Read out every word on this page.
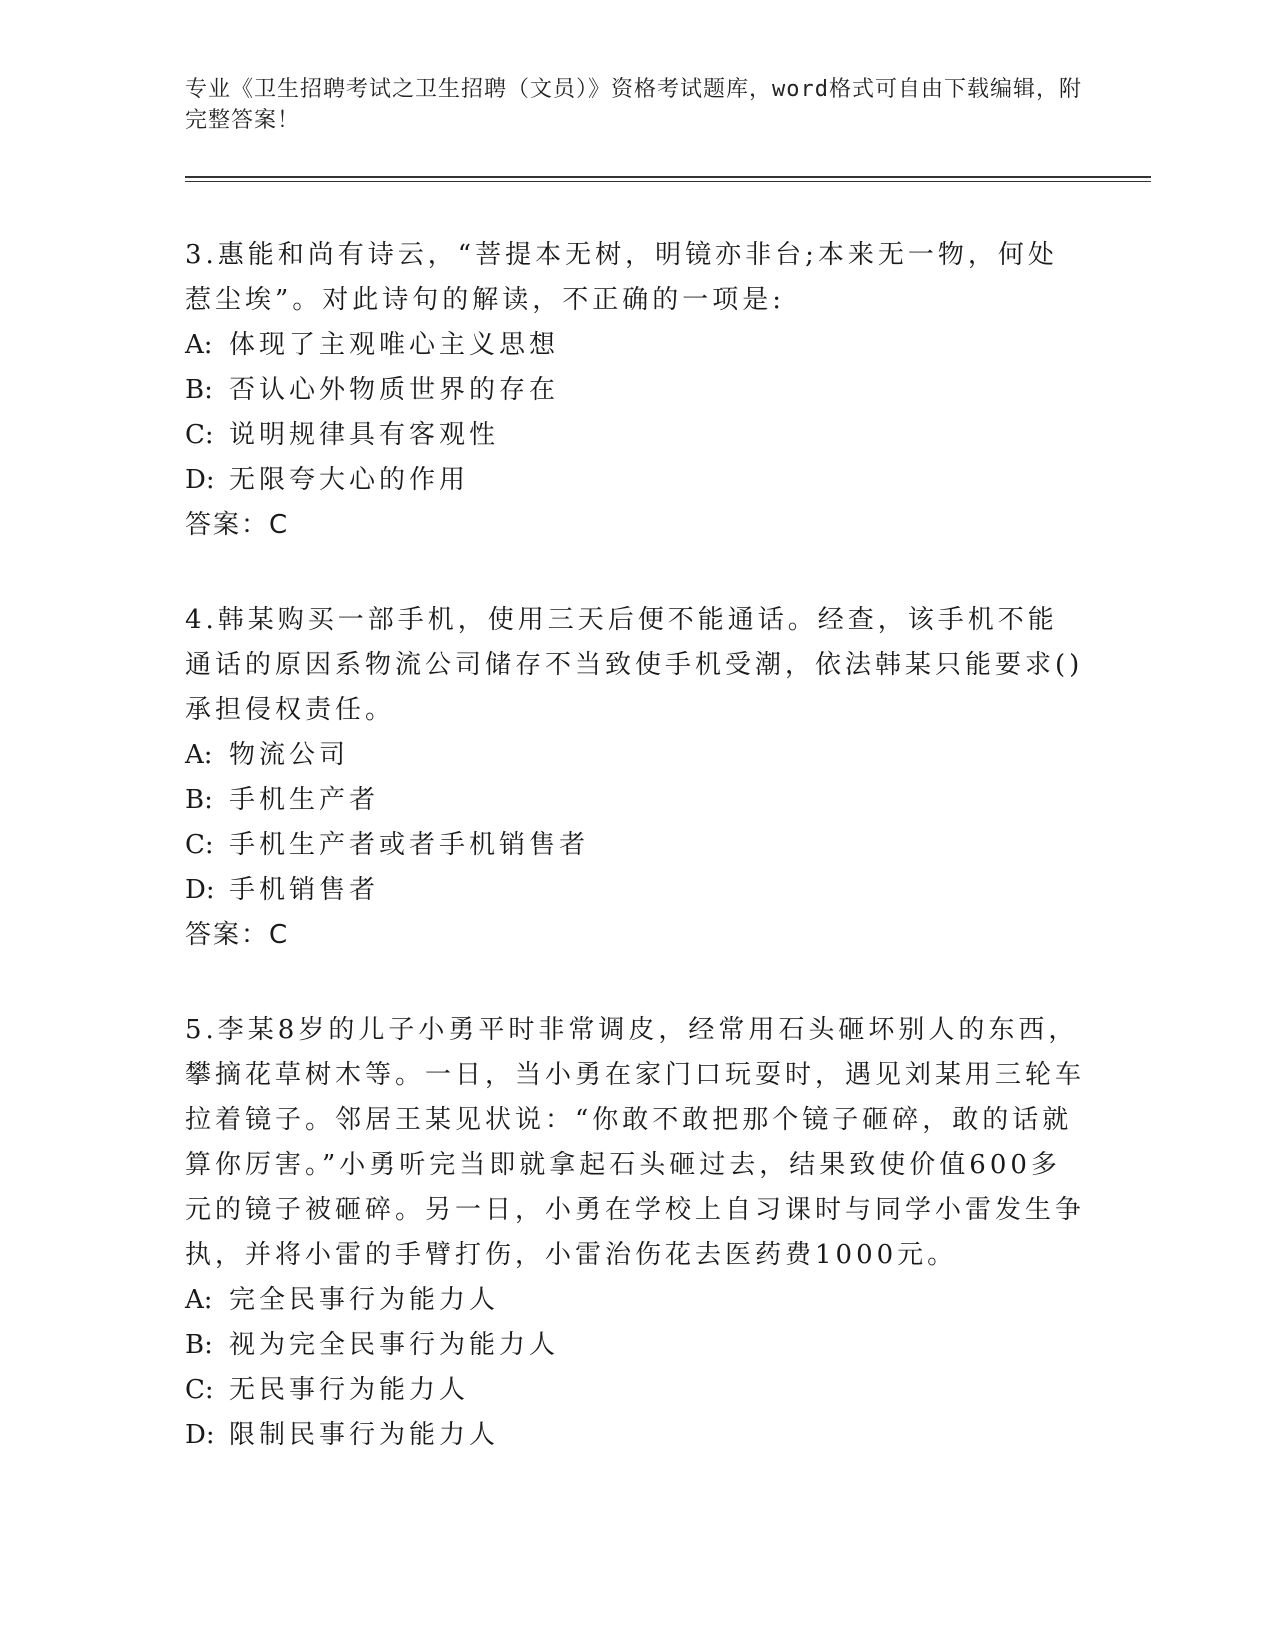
专业《卫生招聘考试之卫生招聘（文员）》资格考试题库，word格式可自由下载编辑，附完整答案！

3.惠能和尚有诗云，“菩提本无树，明镜亦非台;本来无一物，何处惹尘埃”。对此诗句的解读，不正确的一项是:

A: 体现了主观唯心主义思想

B: 否认心外物质世界的存在

C: 说明规律具有客观性

D: 无限夸大心的作用

答案：C

4.韩某购买一部手机，使用三天后便不能通话。经查，该手机不能通话的原因系物流公司储存不当致使手机受潮，依法韩某只能要求()承担侵权责任。

A: 物流公司

B: 手机生产者

C: 手机生产者或者手机销售者

D: 手机销售者

答案：C

5.李某8岁的儿子小勇平时非常调皮，经常用石头砸坏别人的东西，攀摘花草树木等。一日，当小勇在家门口玩耍时，遇见刘某用三轮车拉着镜子。邻居王某见状说：“你敢不敢把那个镜子砸碎，敢的话就算你厉害。”小勇听完当即就拿起石头砸过去，结果致使价值600多元的镜子被砸碎。另一日，小勇在学校上自习课时与同学小雷发生争执，并将小雷的手臂打伤，小雷治伤花去医药费1000元。

A: 完全民事行为能力人

B: 视为完全民事行为能力人

C: 无民事行为能力人

D: 限制民事行为能力人
